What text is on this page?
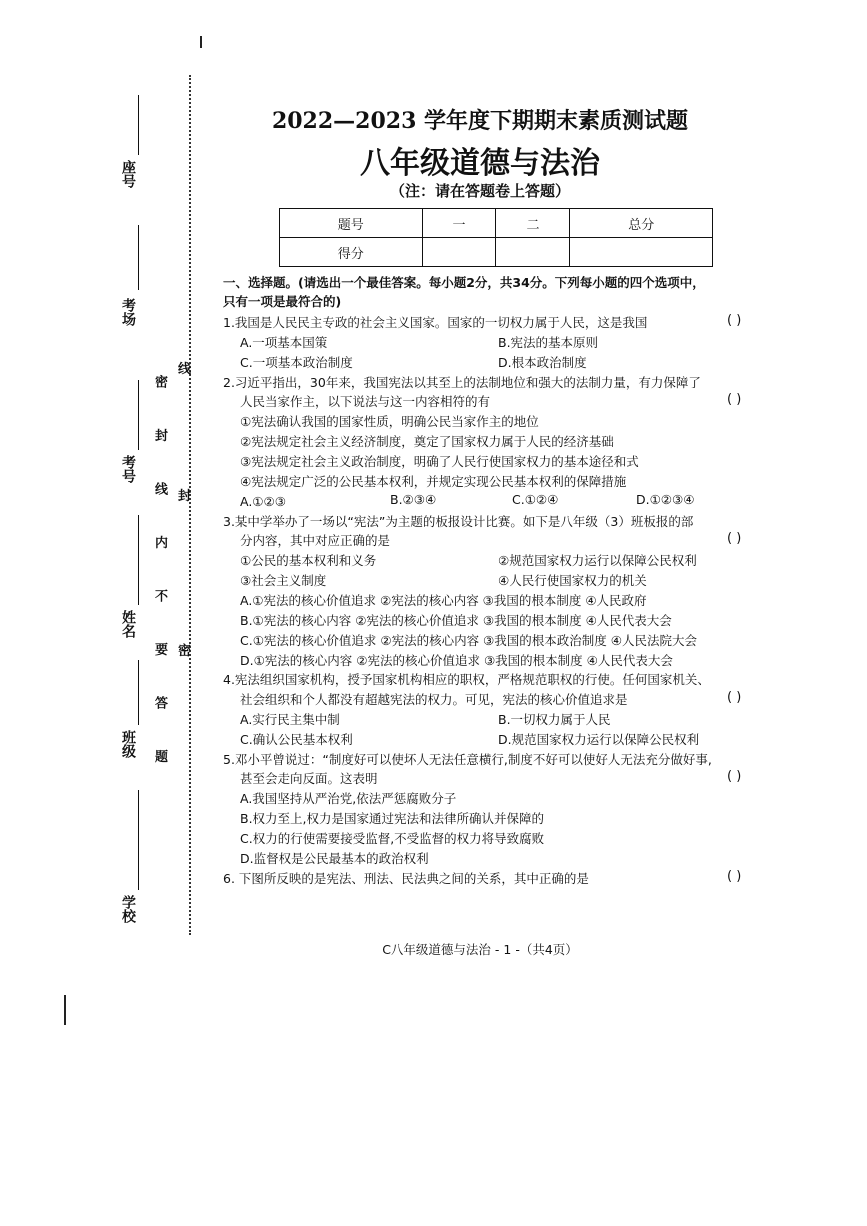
座号
考场
考号
姓名
班级
学校
密 封 线 内 不 要 答 题
线
封
密
2022—2023 学年度下期期末素质测试题
八年级道德与法治
（注：请在答题卷上答题）
题号	一	二	总分
得分			
一、选择题。(请选出一个最佳答案。每小题2分，共34分。下列每小题的四个选项中，
只有一项是最符合的)
1.我国是人民民主专政的社会主义国家。国家的一切权力属于人民，这是我国	( )
A.一项基本国策	B.宪法的基本原则
C.一项基本政治制度	D.根本政治制度
2.习近平指出，30年来，我国宪法以其至上的法制地位和强大的法制力量，有力保障了
人民当家作主，以下说法与这一内容相符的有	( )
①宪法确认我国的国家性质，明确公民当家作主的地位
②宪法规定社会主义经济制度，奠定了国家权力属于人民的经济基础
③宪法规定社会主义政治制度，明确了人民行使国家权力的基本途径和式
④宪法规定广泛的公民基本权利，并规定实现公民基本权利的保障措施
A.①②③	B.②③④	C.①②④	D.①②③④
3.某中学举办了一场以“宪法”为主题的板报设计比赛。如下是八年级（3）班板报的部
分内容，其中对应正确的是	( )
①公民的基本权利和义务	②规范国家权力运行以保障公民权利
③社会主义制度	④人民行使国家权力的机关
A.①宪法的核心价值追求 ②宪法的核心内容 ③我国的根本制度 ④人民政府
B.①宪法的核心内容 ②宪法的核心价值追求 ③我国的根本制度 ④人民代表大会
C.①宪法的核心价值追求 ②宪法的核心内容 ③我国的根本政治制度 ④人民法院大会
D.①宪法的核心内容 ②宪法的核心价值追求 ③我国的根本制度 ④人民代表大会
4.宪法组织国家机构，授予国家机构相应的职权，严格规范职权的行使。任何国家机关、
社会组织和个人都没有超越宪法的权力。可见，宪法的核心价值追求是	( )
A.实行民主集中制	B.一切权力属于人民
C.确认公民基本权利	D.规范国家权力运行以保障公民权利
5.邓小平曾说过：“制度好可以使坏人无法任意横行,制度不好可以使好人无法充分做好事,
甚至会走向反面。这表明	( )
A.我国坚持从严治党,依法严惩腐败分子
B.权力至上,权力是国家通过宪法和法律所确认并保障的
C.权力的行使需要接受监督,不受监督的权力将导致腐败
D.监督权是公民最基本的政治权利
6. 下图所反映的是宪法、刑法、民法典之间的关系，其中正确的是	( )
C八年级道德与法治 - 1 -（共4页）
